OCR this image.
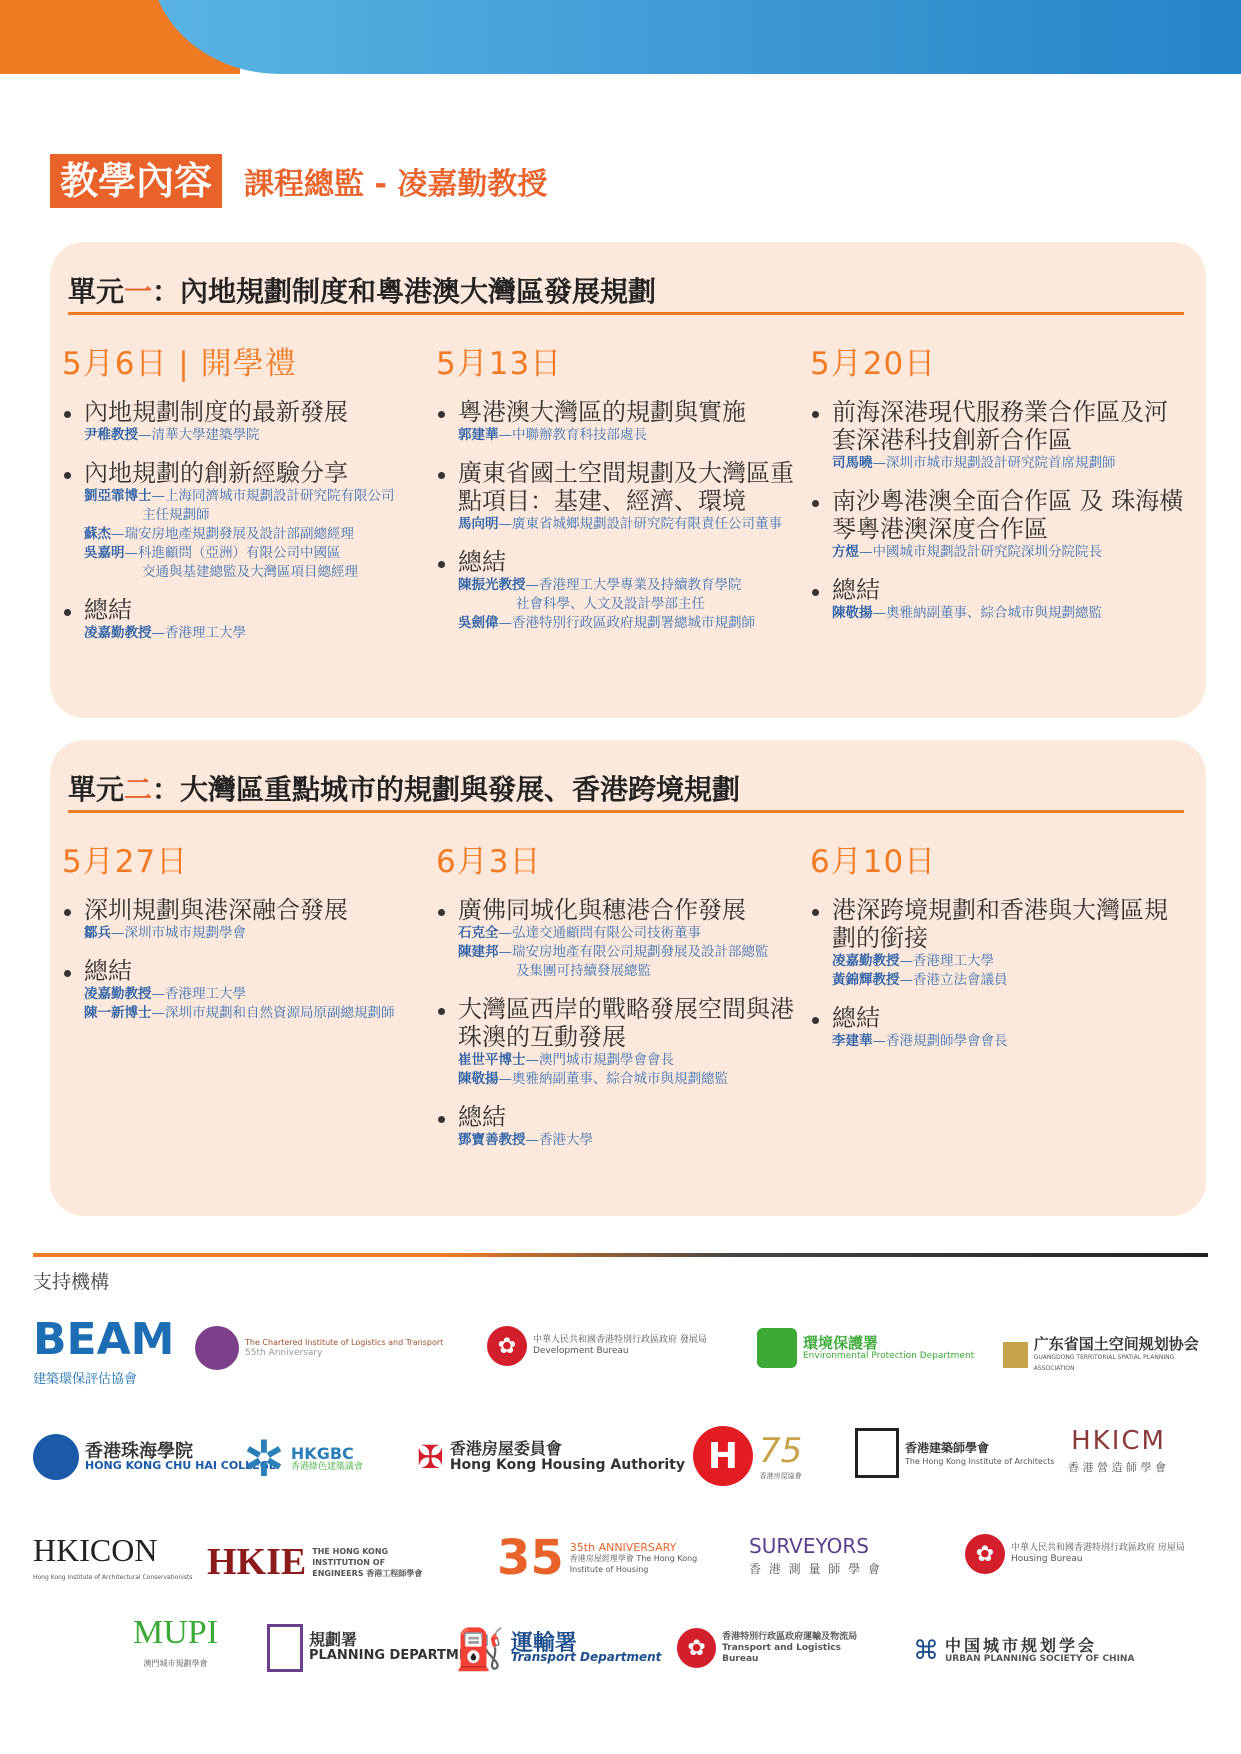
教學內容	課程總監 - 凌嘉勤教授
單元一：內地規劃制度和粵港澳大灣區發展規劃
5月6日 | 開學禮
內地規劃制度的最新發展
尹稚教授—清華大學建築學院
內地規劃的創新經驗分享
劉亞霏博士—上海同濟城市規劃設計研究院有限公司
主任規劃師
蘇杰—瑞安房地產規劃發展及設計部副總經理
吳嘉明—科進顧問（亞洲）有限公司中國區
交通與基建總監及大灣區項目總經理
總結
凌嘉勤教授—香港理工大學
5月13日
粵港澳大灣區的規劃與實施
郭建華—中聯辦教育科技部處長
廣東省國土空間規劃及大灣區重點項目：基建、經濟、環境
馬向明—廣東省城鄉規劃設計研究院有限責任公司董事
總結
陳振光教授—香港理工大學專業及持續教育學院
社會科學、人文及設計學部主任
吳劍偉—香港特別行政區政府規劃署總城市規劃師
5月20日
前海深港現代服務業合作區及河套深港科技創新合作區
司馬曉—深圳市城市規劃設計研究院首席規劃師
南沙粵港澳全面合作區 及 珠海橫琴粵港澳深度合作區
方煜—中國城市規劃設計研究院深圳分院院長
總結
陳敬揚—奧雅納副董事、綜合城市與規劃總監
單元二：大灣區重點城市的規劃與發展、香港跨境規劃
5月27日
深圳規劃與港深融合發展
鄒兵—深圳市城市規劃學會
總結
凌嘉勤教授—香港理工大學
陳一新博士—深圳市規劃和自然資源局原副總規劃師
6月3日
廣佛同城化與穗港合作發展
石克全—弘達交通顧問有限公司技術董事
陳建邦—瑞安房地產有限公司規劃發展及設計部總監
及集團可持續發展總監
大灣區西岸的戰略發展空間與港珠澳的互動發展
崔世平博士—澳門城市規劃學會會長
陳敬揚—奧雅納副董事、綜合城市與規劃總監
總結
鄧寶善教授—香港大學
6月10日
港深跨境規劃和香港與大灣區規劃的銜接
凌嘉勤教授—香港理工大學
黃錦輝教授—香港立法會議員
總結
李建華—香港規劃師學會會長
支持機構
BEAM
建築環保評估協會
The Chartered Institute of Logistics and Transport
55th Anniversary	✿	中華人民共和國香港特別行政區政府 發展局
Development Bureau	環境保護署
Environmental Protection Department
广东省国土空间规划协会
GUANGDONG TERRITORIAL SPATIAL PLANNING ASSOCIATION
香港珠海學院
HONG KONG CHU HAI COLLEGE
✲ HKGBC
香港綠色建築議會 ✠ 香港房屋委員會
Hong Kong Housing Authority H 75
香港房屋協會
香港建築師學會
The Hong Kong Institute of Architects
HKICM
香 港 營 造 師 學 會
HKICON
Hong Kong Institute of Architectural Conservationists HKIE THE HONG KONG INSTITUTION OF ENGINEERS 香港工程師學會 35 35th ANNIVERSARY
香港房屋經理學會 The Hong Kong Institute of Housing
SURVEYORS
香 港 測 量 師 學 會
✿	中華人民共和國香港特別行政區政府 房屋局
Housing Bureau
MUPI
澳門城市規劃學會
規劃署
PLANNING DEPARTMENT
⛽ 運輸署
Transport Department	✿	香港特別行政區政府運輸及物流局
Transport and Logistics Bureau	⌘ 中国城市规划学会
URBAN PLANNING SOCIETY OF CHINA
